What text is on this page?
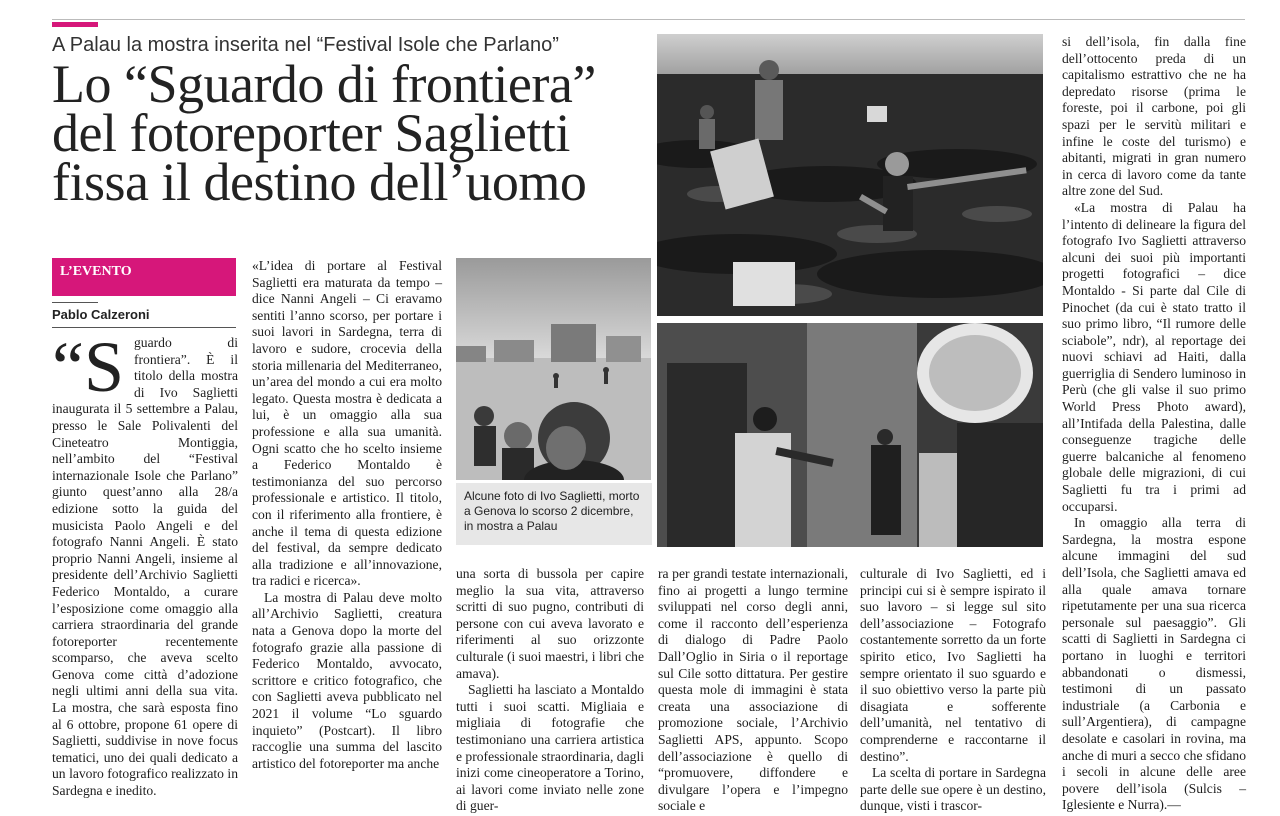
A Palau la mostra inserita nel “Festival Isole che Parlano”
Lo “Sguardo di frontiera”
del fotoreporter Saglietti
fissa il destino dell’uomo
L’EVENTO
Pablo Calzeroni
“S guardo di frontiera”. È il titolo della mostra di Ivo Saglietti inaugurata il 5 settembre a Palau, presso le Sale Polivalenti del Cineteatro Montiggia, nell’ambito del “Festival internazionale Isole che Parlano” giunto quest’anno alla 28/a edizione sotto la guida del musicista Paolo Angeli e del fotografo Nanni Angeli. È stato proprio Nanni Angeli, insieme al presidente dell’Archivio Saglietti Federico Montaldo, a curare l’esposizione come omaggio alla carriera straordinaria del grande fotoreporter recentemente scomparso, che aveva scelto Genova come città d’adozione negli ultimi anni della sua vita. La mostra, che sarà esposta fino al 6 ottobre, propone 61 opere di Saglietti, suddivise in nove focus tematici, uno dei quali dedicato a un lavoro fotografico realizzato in Sardegna e inedito.

«L’idea di portare al Festival Saglietti era maturata da tempo – dice Nanni Angeli – Ci eravamo sentiti l’anno scorso, per portare i suoi lavori in Sardegna, terra di lavoro e sudore, crocevia della storia millenaria del Mediterraneo, un’area del mondo a cui era molto legato. Questa mostra è dedicata a lui, è un omaggio alla sua professione e alla sua umanità. Ogni scatto che ho scelto insieme a Federico Montaldo è testimonianza del suo percorso professionale e artistico. Il titolo, con il riferimento alla frontiere, è anche il tema di questa edizione del festival, da sempre dedicato alla tradizione e all’innovazione, tra radici e ricerca».

La mostra di Palau deve molto all’Archivio Saglietti, creatura nata a Genova dopo la morte del fotografo grazie alla passione di Federico Montaldo, avvocato, scrittore e critico fotografico, che con Saglietti aveva pubblicato nel 2021 il volume “Lo sguardo inquieto” (Postcart). Il libro raccoglie una summa del lascito artistico del fotoreporter ma anche

Alcune foto di Ivo Saglietti, morto a Genova lo scorso 2 dicembre, in mostra a Palau

una sorta di bussola per capire meglio la sua vita, attraverso scritti di suo pugno, contributi di persone con cui aveva lavorato e riferimenti al suo orizzonte culturale (i suoi maestri, i libri che amava).

Saglietti ha lasciato a Montaldo tutti i suoi scatti. Migliaia e migliaia di fotografie che testimoniano una carriera artistica e professionale straordinaria, dagli inizi come cineoperatore a Torino, ai lavori come inviato nelle zone di guer-

ra per grandi testate internazionali, fino ai progetti a lungo termine sviluppati nel corso degli anni, come il racconto dell’esperienza di dialogo di Padre Paolo Dall’Oglio in Siria o il reportage sul Cile sotto dittatura. Per gestire questa mole di immagini è stata creata una associazione di promozione sociale, l’Archivio Saglietti APS, appunto. Scopo dell’associazione è quello di “promuovere, diffondere e divulgare l’opera e l’impegno sociale e

culturale di Ivo Saglietti, ed i principi cui si è sempre ispirato il suo lavoro – si legge sul sito dell’associazione – Fotografo costantemente sorretto da un forte spirito etico, Ivo Saglietti ha sempre orientato il suo sguardo e il suo obiettivo verso la parte più disagiata e sofferente dell’umanità, nel tentativo di comprenderne e raccontarne il destino”.

La scelta di portare in Sardegna parte delle sue opere è un destino, dunque, visti i trascor-

si dell’isola, fin dalla fine dell’ottocento preda di un capitalismo estrattivo che ne ha depredato risorse (prima le foreste, poi il carbone, poi gli spazi per le servitù militari e infine le coste del turismo) e abitanti, migrati in gran numero in cerca di lavoro come da tante altre zone del Sud.

«La mostra di Palau ha l’intento di delineare la figura del fotografo Ivo Saglietti attraverso alcuni dei suoi più importanti progetti fotografici – dice Montaldo - Si parte dal Cile di Pinochet (da cui è stato tratto il suo primo libro, “Il rumore delle sciabole”, ndr), al reportage dei nuovi schiavi ad Haiti, dalla guerriglia di Sendero luminoso in Perù (che gli valse il suo primo World Press Photo award), all’Intifada della Palestina, dalle conseguenze tragiche delle guerre balcaniche al fenomeno globale delle migrazioni, di cui Saglietti fu tra i primi ad occuparsi.

In omaggio alla terra di Sardegna, la mostra espone alcune immagini del sud dell’Isola, che Saglietti amava ed alla quale amava tornare ripetutamente per una sua ricerca personale sul paesaggio”. Gli scatti di Saglietti in Sardegna ci portano in luoghi e territori abbandonati o dismessi, testimoni di un passato industriale (a Carbonia e sull’Argentiera), di campagne desolate e casolari in rovina, ma anche di muri a secco che sfidano i secoli in alcune delle aree povere dell’isola (Sulcis – Iglesiente e Nurra).—
